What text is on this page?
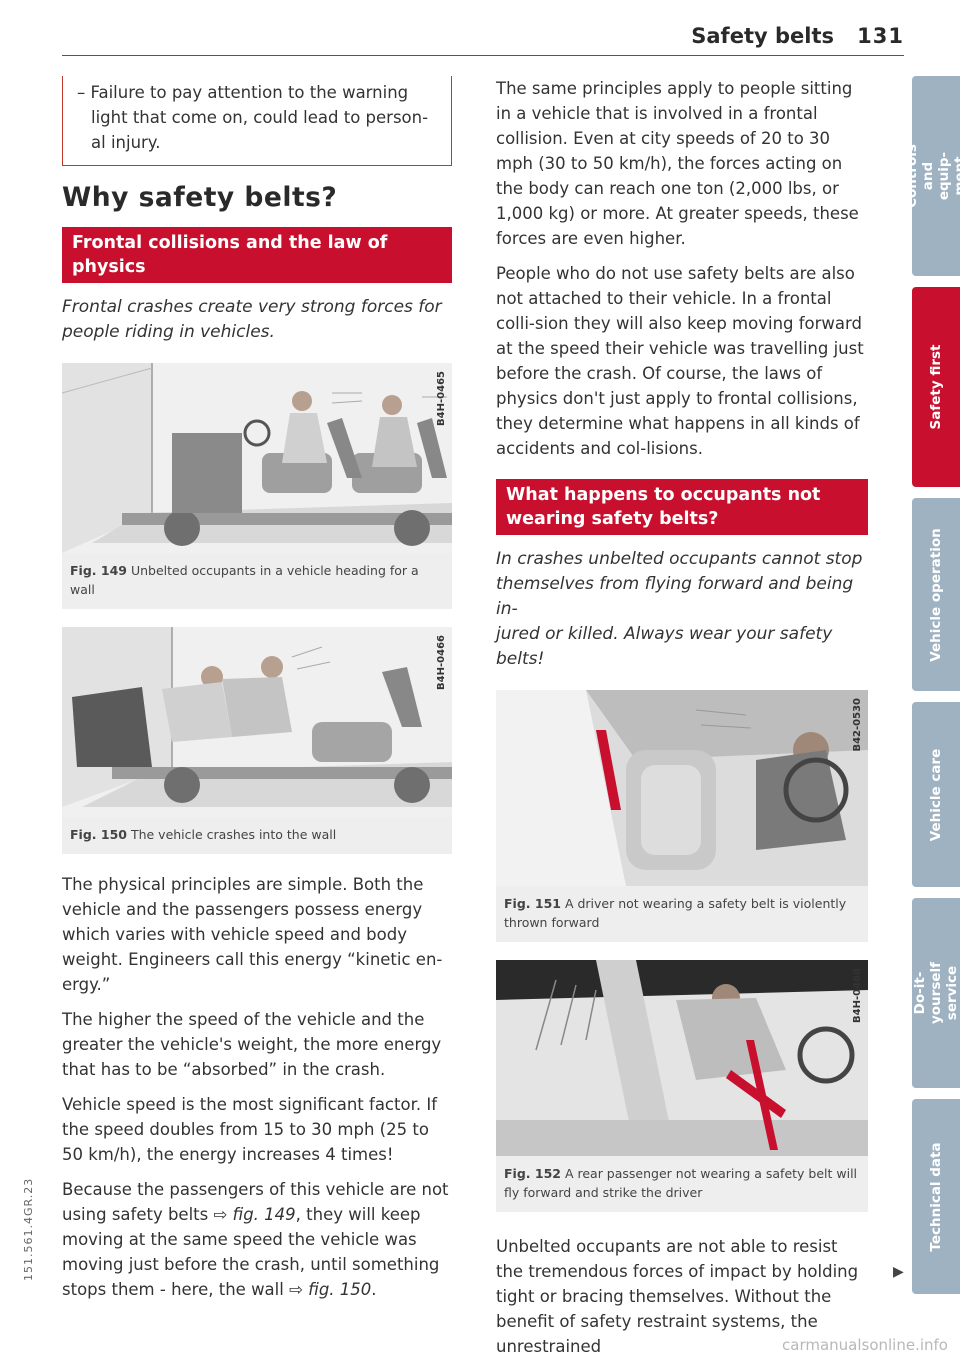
Safety belts 131
– Failure to pay attention to the warning
light that come on, could lead to person-
al injury.
Why safety belts?
Frontal collisions and the law of physics

Frontal crashes create very strong forces for
people riding in vehicles.

B4H-0465
Fig. 149 Unbelted occupants in a vehicle heading for a wall
B4H-0466
Fig. 150 The vehicle crashes into the wall

The physical principles are simple. Both the vehicle and the passengers possess energy which varies with vehicle speed and body weight. Engineers call this energy “kinetic en-ergy.”

The higher the speed of the vehicle and the greater the vehicle's weight, the more energy that has to be “absorbed” in the crash.

Vehicle speed is the most significant factor. If the speed doubles from 15 to 30 mph (25 to 50 km/h), the energy increases 4 times!

Because the passengers of this vehicle are not using safety belts ⇨ fig. 149, they will keep moving at the same speed the vehicle was moving just before the crash, until something stops them - here, the wall ⇨ fig. 150.

The same principles apply to people sitting in a vehicle that is involved in a frontal collision. Even at city speeds of 20 to 30 mph (30 to 50 km/h), the forces acting on the body can reach one ton (2,000 lbs, or 1,000 kg) or more. At greater speeds, these forces are even higher.

People who do not use safety belts are also not attached to their vehicle. In a frontal colli-sion they will also keep moving forward at the speed their vehicle was travelling just before the crash. Of course, the laws of physics don't just apply to frontal collisions, they determine what happens in all kinds of accidents and col-lisions.

What happens to occupants not wearing safety belts?

In crashes unbelted occupants cannot stop
themselves from flying forward and being in-
jured or killed. Always wear your safety belts!

B42-0530
Fig. 151 A driver not wearing a safety belt is violently thrown forward
B4H-0468
Fig. 152 A rear passenger not wearing a safety belt will fly forward and strike the driver

Unbelted occupants are not able to resist the tremendous forces of impact by holding tight or bracing themselves. Without the benefit of safety restraint systems, the unrestrained

▶
Controls and equip-
ment
Safety first
Vehicle operation
Vehicle care
Do-it-yourself
service
Technical data
151.561.4GR.23
carmanualsonline.info
